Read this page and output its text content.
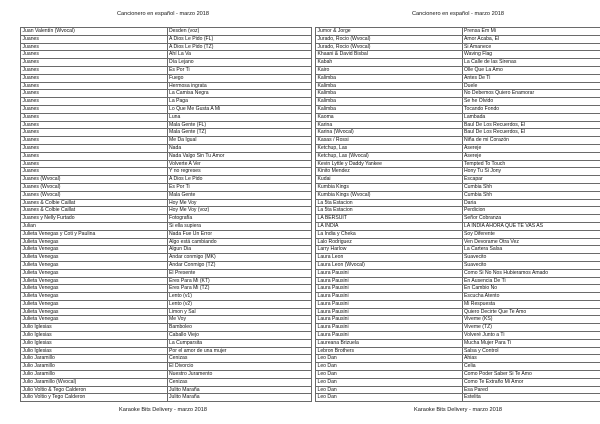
Cancionero en español - marzo 2018
Juan Valentín (Wvocal)	Desden (voz)
Juanes	A Dios Le Pido (FL)
Juanes	A Dios Le Pido (TZ)
Juanes	Ahí La Va
Juanes	Día Lejano
Juanes	Es Por Ti
Juanes	Fuego
Juanes	Hermosa ingrata
Juanes	La Camisa Negra
Juanes	La Paga
Juanes	Lo Que Me Gusta A Mi
Juanes	Luna
Juanes	Mala Gente (FL)
Juanes	Mala Gente (TZ)
Juanes	Me Da Igual
Juanes	Nada
Juanes	Nada Valgo Sin Tu Amor
Juanes	Volverte A Ver
Juanes	Y no regreses
Juanes (Wvocal)	A Dios Le Pido
Juanes (Wvocal)	Es Por Ti
Juanes (Wvocal)	Mala Gente
Juanes & Colbie Caillat	Hoy Me Voy
Juanes & Colbie Caillat	Hoy Me Voy (voz)
Juanes y Nelly Furtado	Fotografía
Julian	Si ella supiera
Julieta Venegas y Coti y Paulina	Nada Fue Un Error
Julieta Venegas	Algo está cambiando
Julieta Venegas	Algun Dia
Julieta Venegas	Andar conmigo (MK)
Julieta Venegas	Andar Conmigo (TZ)
Julieta Venegas	El Presente
Julieta Venegas	Eres Para Mi (KT)
Julieta Venegas	Eres Para Mi (TZ)
Julieta Venegas	Lento (v1)
Julieta Venegas	Lento (v2)
Julieta Venegas	Limon y Sal
Julieta Venegas	Me Voy
Julio Iglesias	Bamboleo
Julio Iglesias	Caballo Viejo
Julio Iglesias	La Cumparsita
Julio Iglesias	Por el amor de una mujer
Julio Jaramillo	Cenizas
Julio Jaramillo	El Divorcio
Julio Jaramillo	Nuestro Juramento
Julio Jaramillo (Wvocal)	Cenizas
Julio Voltio & Tego Calderon	Julito Maraña
Julio Voltio y Tego Calderon	Julito Maraña
Karaoke Bits Delivery - marzo 2018
Cancionero en español - marzo 2018
Jumor & Jorge	Prensa Em Mi
Jurado, Rocio (Wvocal)	Amor Acaba, El
Jurado, Rocio (Wvocal)	Si Amanece
Khaani & David Bisbal	Waving Flag
Kabah	La Calle de las Sirenas
Kairo	Olle Que La Amo
Kalimba	Antes De Ti
Kalimba	Duele
Kalimba	No Debemos Quiero Enamorar
Kalimba	Se he Olvido
Kalimba	Tocando Fondo
Kaoma	Lambada
Karina	Baul De Los Recuerdos, El
Karina (Wvocal)	Baul De Los Recuerdos, El
Kasas / Rossi	Niña de mi Corazón
Ketchup, Las	Asereje
Ketchup, Las (Wvocal)	Asereje
Kevin Lyttle y Daddy Yankee	Tempted To Touch
Kinito Mendez	Hony Tu Si Jony
Kudai	Escapar
Kumbia Kings	Cumbia Shh
Kumbia Kings (Wvocal)	Cumbia Shh
La 5ta Estacion	Daria
La 5ta Estacion	Perdicion
LA BERSUIT	Señor Cobranza
LA INDIA	LA INDIA AHORA QUE TE VAS AS
La India y Cheka	Soy Diferente
Lalo Rodriguez	Ven Devorame Otra Vez
Larry Harlow	La Cartera Salsa
Laura Leon	Suavecito
Laura Leon (Wvocal)	Suavecito
Laura Pausini	Como Si No Nos Hubieramos Amado
Laura Pausini	En Ausencia De Ti
Laura Pausini	En Cambio No
Laura Pausini	Escucha Atento
Laura Pausini	Mi Respuesta
Laura Pausini	Quiero Decirte Que Te Amo
Laura Pausini	Viveme (KS)
Laura Pausini	Viveme (TZ)
Laura Pausini	Volveré Junto a Ti
Laureana Brizuela	Mucha Mujer Para Ti
Lebron Brothers	Salsa y Control
Leo Dan	Ahias
Leo Dan	Celia
Leo Dan	Como Poder Saber Si Te Amo
Leo Dan	Como Te Extraño Mi Amor
Leo Dan	Esa Pared
Leo Dan	Estelita
Karaoke Bits Delivery - marzo 2018
